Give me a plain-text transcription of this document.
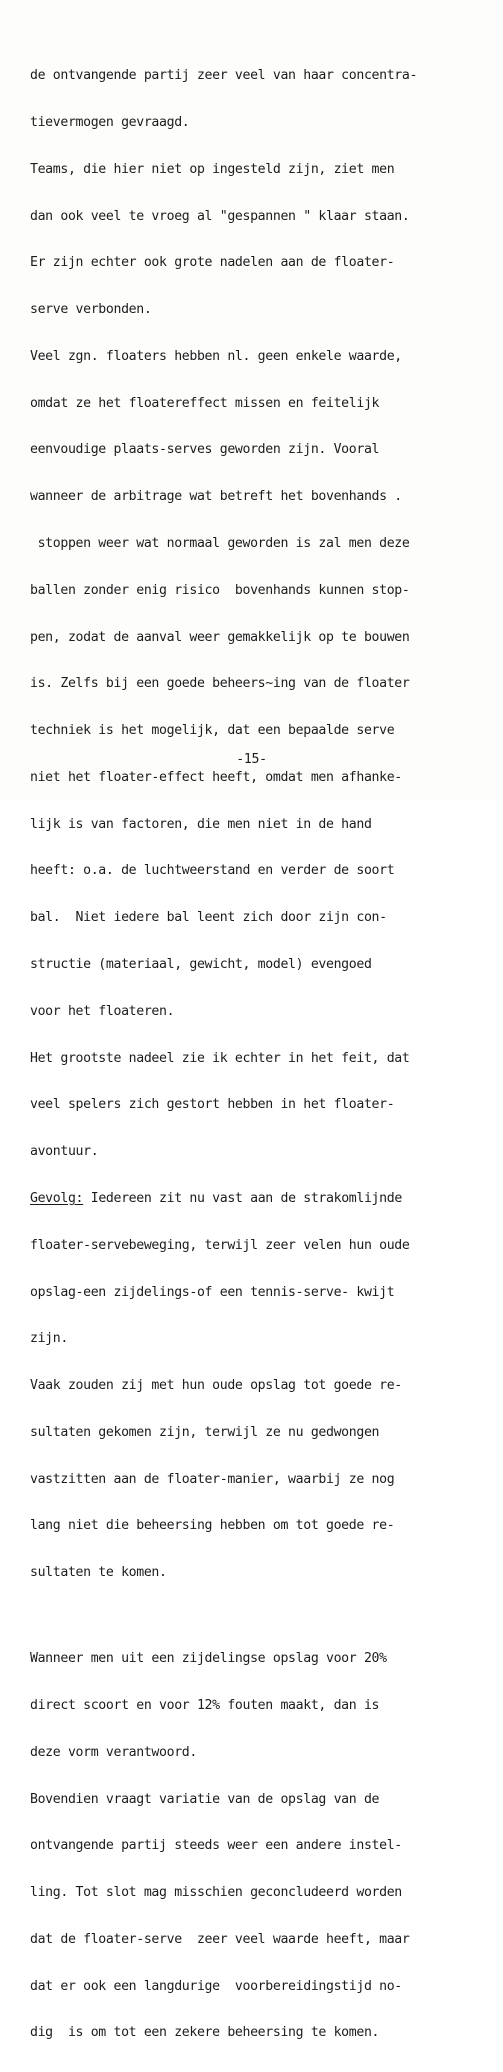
de ontvangende partij zeer veel van haar concentra-

tievermogen gevraagd.

Teams, die hier niet op ingesteld zijn, ziet men

dan ook veel te vroeg al "gespannen " klaar staan.

Er zijn echter ook grote nadelen aan de floater-

serve verbonden.

Veel zgn. floaters hebben nl. geen enkele waarde,

omdat ze het floatereffect missen en feitelijk

eenvoudige plaats-serves geworden zijn. Vooral

wanneer de arbitrage wat betreft het bovenhands .

stoppen weer wat normaal geworden is zal men deze

ballen zonder enig risico  bovenhands kunnen stop-

pen, zodat de aanval weer gemakkelijk op te bouwen

is. Zelfs bij een goede beheers~ing van de floater

techniek is het mogelijk, dat een bepaalde serve

niet het floater-effect heeft, omdat men afhanke-

lijk is van factoren, die men niet in de hand

heeft: o.a. de luchtweerstand en verder de soort

bal.  Niet iedere bal leent zich door zijn con-

structie (materiaal, gewicht, model) evengoed

voor het floateren.

Het grootste nadeel zie ik echter in het feit, dat

veel spelers zich gestort hebben in het floater-

avontuur.

Gevolg: Iedereen zit nu vast aan de strakomlijnde

floater-servebeweging, terwijl zeer velen hun oude

opslag-een zijdelings-of een tennis-serve- kwijt

zijn.

Vaak zouden zij met hun oude opslag tot goede re-

sultaten gekomen zijn, terwijl ze nu gedwongen

vastzitten aan de floater-manier, waarbij ze nog

lang niet die beheersing hebben om tot goede re-

sultaten te komen.

Wanneer men uit een zijdelingse opslag voor 20%

direct scoort en voor 12% fouten maakt, dan is

deze vorm verantwoord.

Bovendien vraagt variatie van de opslag van de

ontvangende partij steeds weer een andere instel-

ling. Tot slot mag misschien geconcludeerd worden

dat de floater-serve  zeer veel waarde heeft, maar

dat er ook een langdurige  voorbereidingstijd no-

dig  is om tot een zekere beheersing te komen.

-15-
